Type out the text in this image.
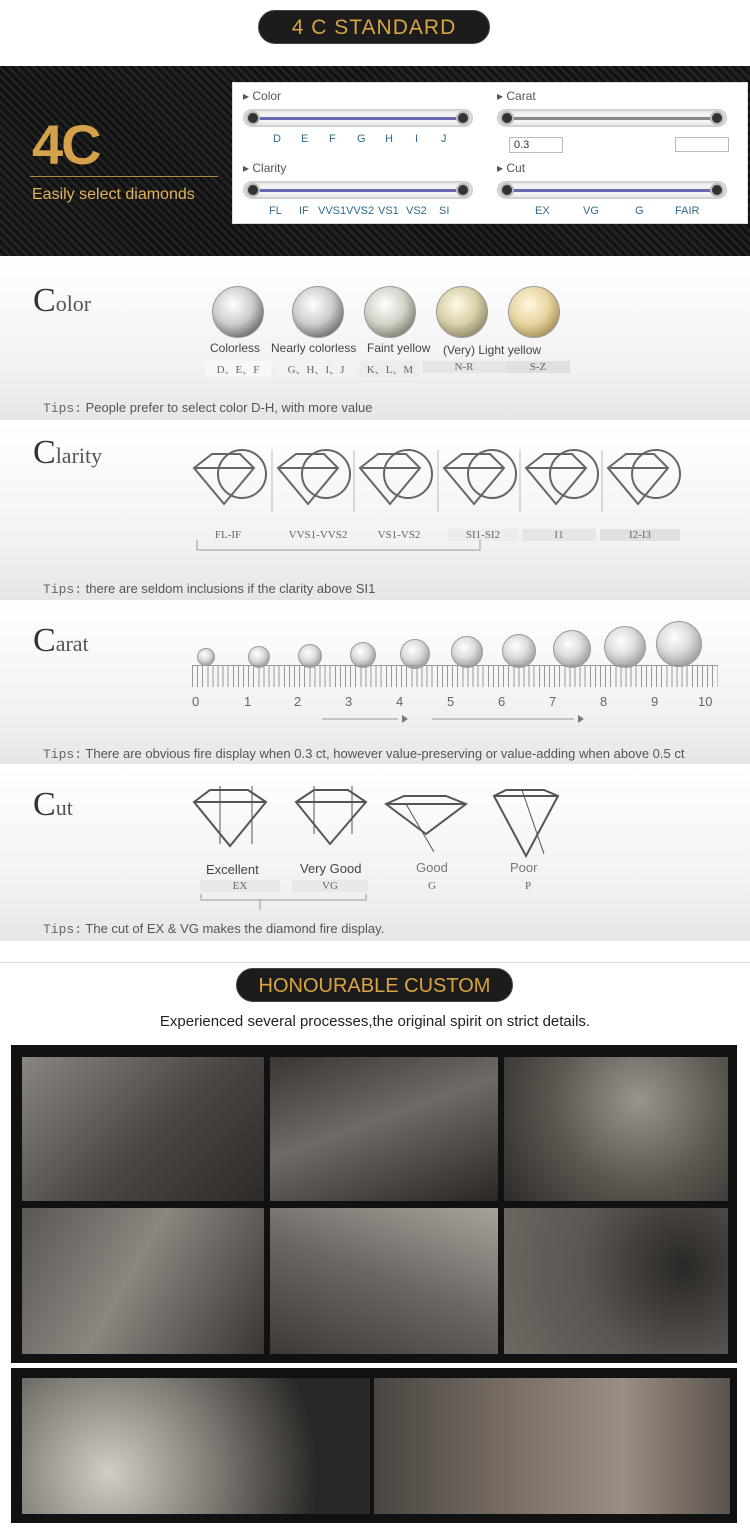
4 C STANDARD
4C
Easily select diamonds
▸ Color
D E F G H I J
▸ Carat
0.3
▸ Clarity
FL IF VVS1 VVS2 VS1 VS2 SI
▸ Cut
EX	VG	G	FAIR
Color
Colorless Nearly colorless Faint yellow (Very) Light yellow
D、E、F	G、H、I、J	K、L、M	N-R	S-Z
Tips: People prefer to select color D-H, with more value
Clarity
FL-IF	VVS1-VVS2	VS1-VS2	SI1-SI2	I1	I2-I3
Tips: there are seldom inclusions if the clarity above SI1
Carat
0	1	2	3	4	5	6	7	8	9	10
Tips: There are obvious fire display when 0.3 ct, however value-preserving or value-adding when above 0.5 ct
Cut
Excellent	Very Good	Good	Poor
EX	VG	G	P
Tips: The cut of EX & VG makes the diamond fire display.
HONOURABLE CUSTOM
Experienced several processes,the original spirit on strict details.
